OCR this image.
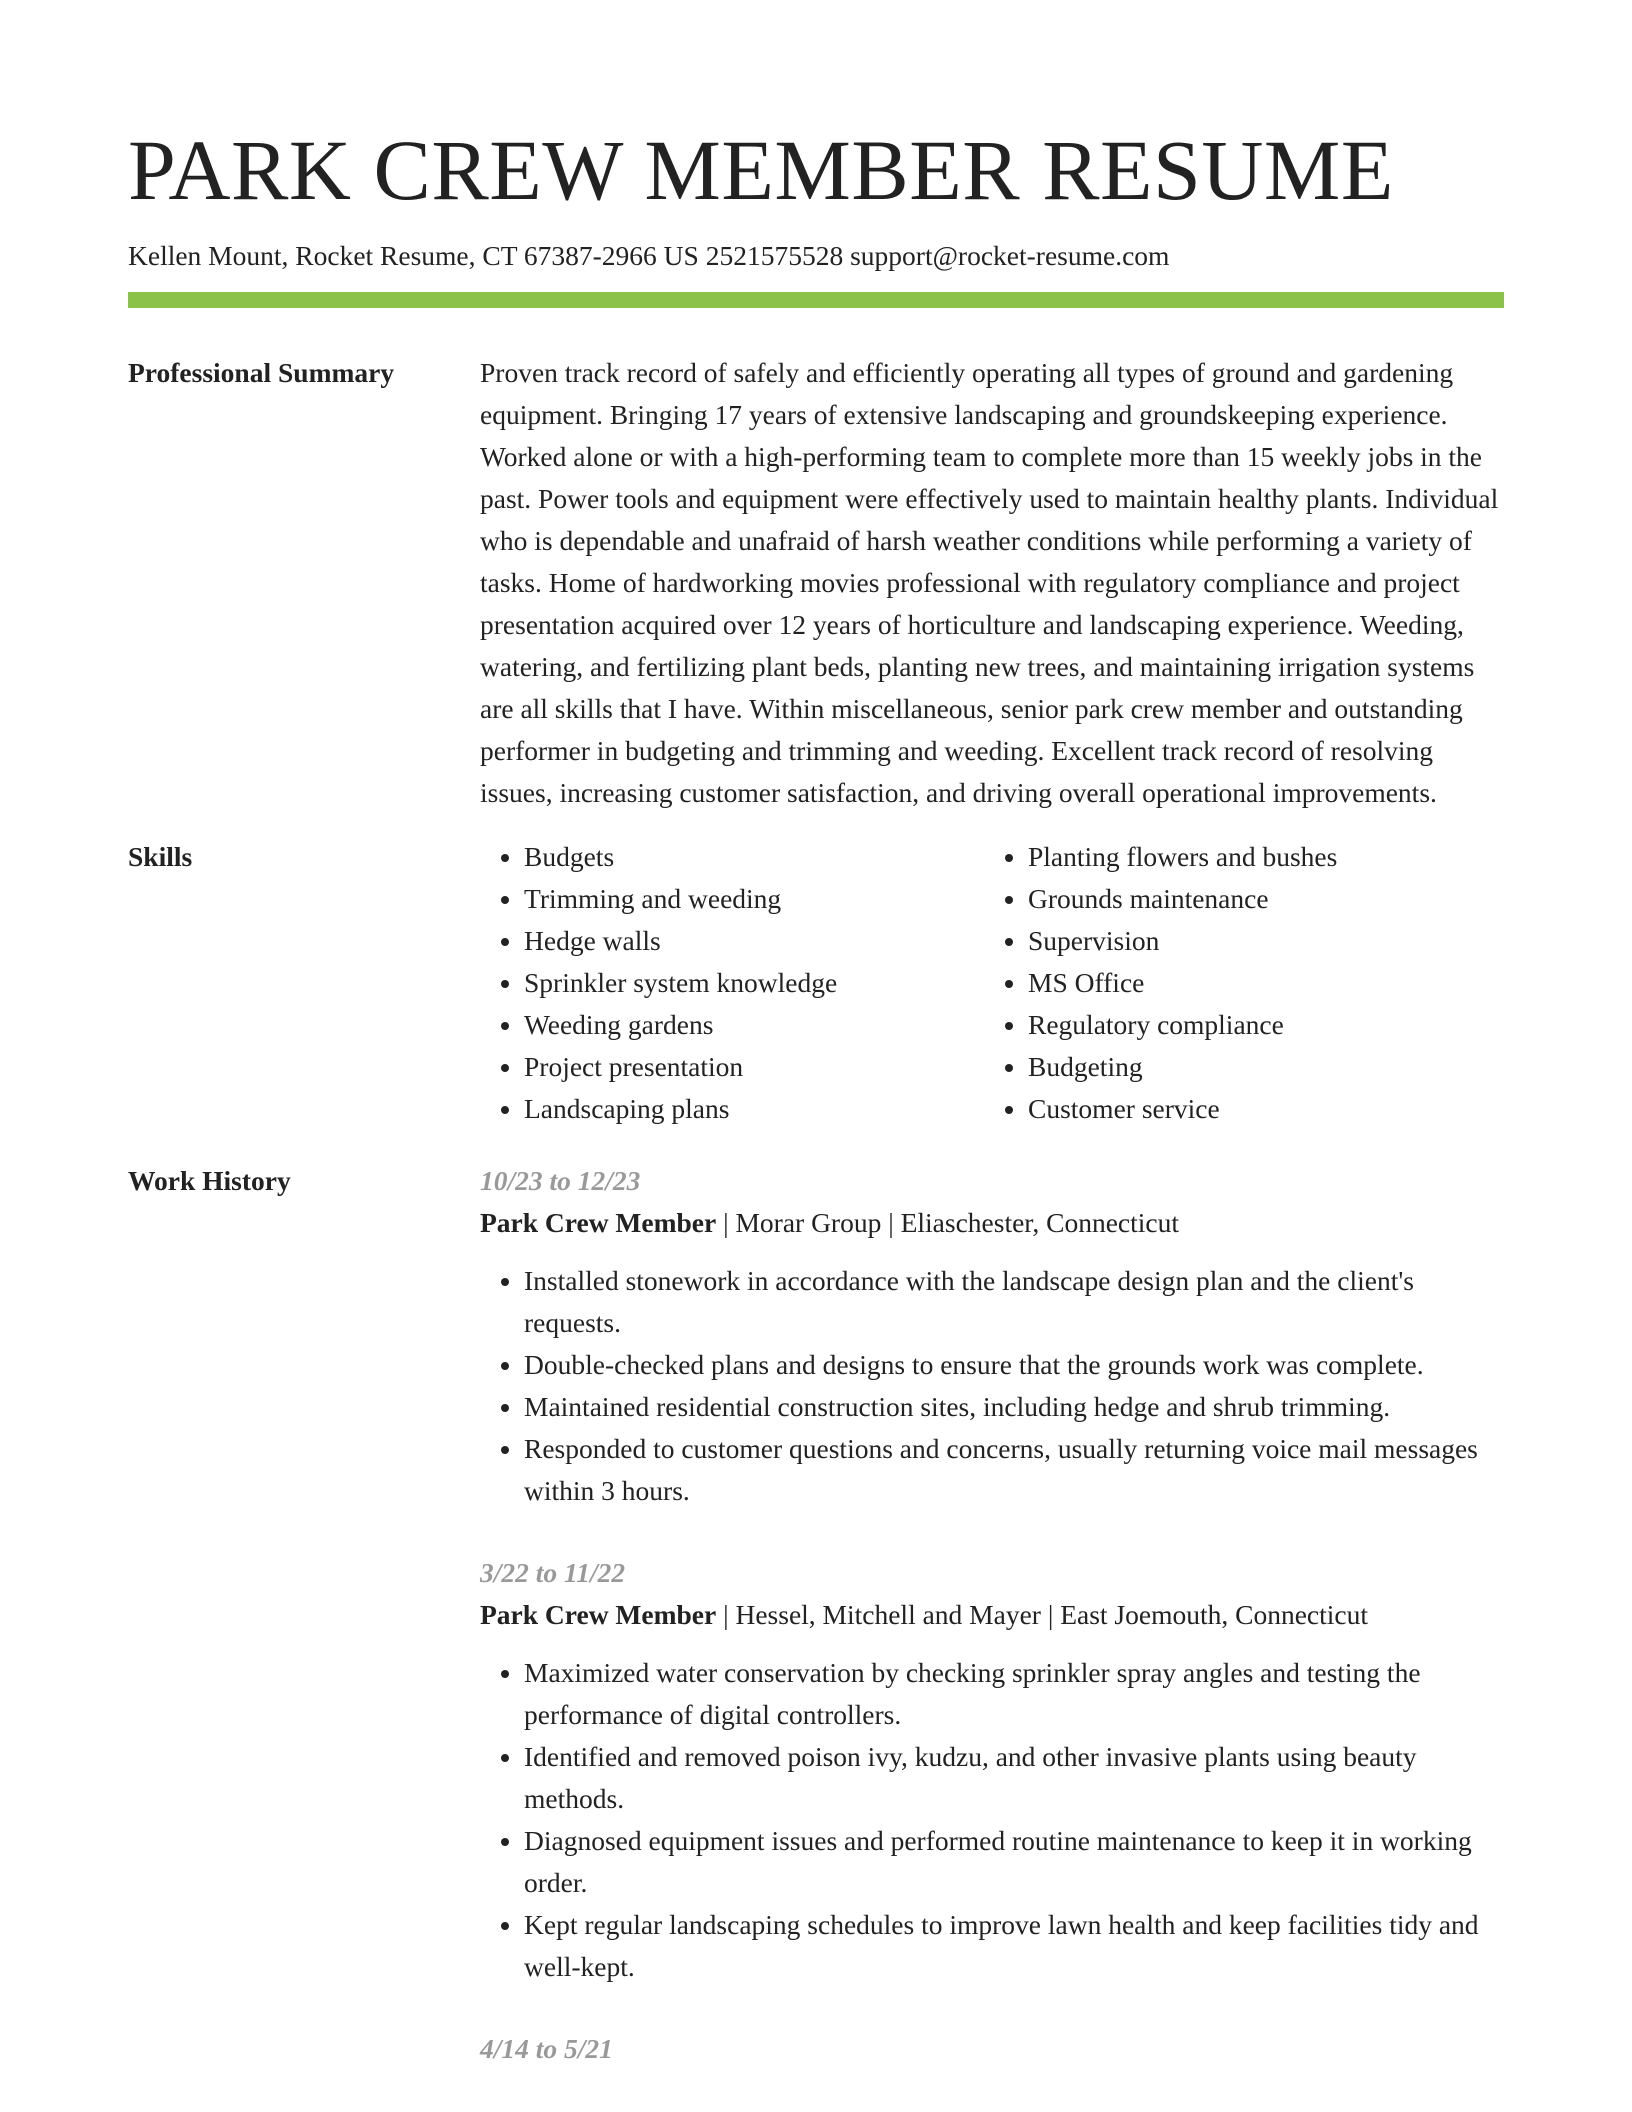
PARK CREW MEMBER RESUME
Kellen Mount, Rocket Resume, CT 67387-2966 US 2521575528 support@rocket-resume.com
Professional Summary	Proven track record of safely and efficiently operating all types of ground and gardening equipment. Bringing 17 years of extensive landscaping and groundskeeping experience. Worked alone or with a high-performing team to complete more than 15 weekly jobs in the past. Power tools and equipment were effectively used to maintain healthy plants. Individual who is dependable and unafraid of harsh weather conditions while performing a variety of tasks. Home of hardworking movies professional with regulatory compliance and project presentation acquired over 12 years of horticulture and landscaping experience. Weeding, watering, and fertilizing plant beds, planting new trees, and maintaining irrigation systems are all skills that I have. Within miscellaneous, senior park crew member and outstanding performer in budgeting and trimming and weeding. Excellent track record of resolving issues, increasing customer satisfaction, and driving overall operational improvements.

Skills
•	Budgets
• Trimming and weeding
• Hedge walls
• Sprinkler system knowledge
• Weeding gardens
• Project presentation
• Landscaping plans
• Planting flowers and bushes
• Grounds maintenance
• Supervision
• MS Office
• Regulatory compliance
• Budgeting
• Customer service
Work History	10/23 to 12/23
Park Crew Member | Morar Group | Eliaschester, Connecticut
• Installed stonework in accordance with the landscape design plan and the client's requests.
• Double-checked plans and designs to ensure that the grounds work was complete.
• Maintained residential construction sites, including hedge and shrub trimming.
• Responded to customer questions and concerns, usually returning voice mail messages within 3 hours.
3/22 to 11/22
Park Crew Member | Hessel, Mitchell and Mayer | East Joemouth, Connecticut
• Maximized water conservation by checking sprinkler spray angles and testing the performance of digital controllers.
• Identified and removed poison ivy, kudzu, and other invasive plants using beauty methods.
• Diagnosed equipment issues and performed routine maintenance to keep it in working order.
• Kept regular landscaping schedules to improve lawn health and keep facilities tidy and well-kept.
4/14 to 5/21
